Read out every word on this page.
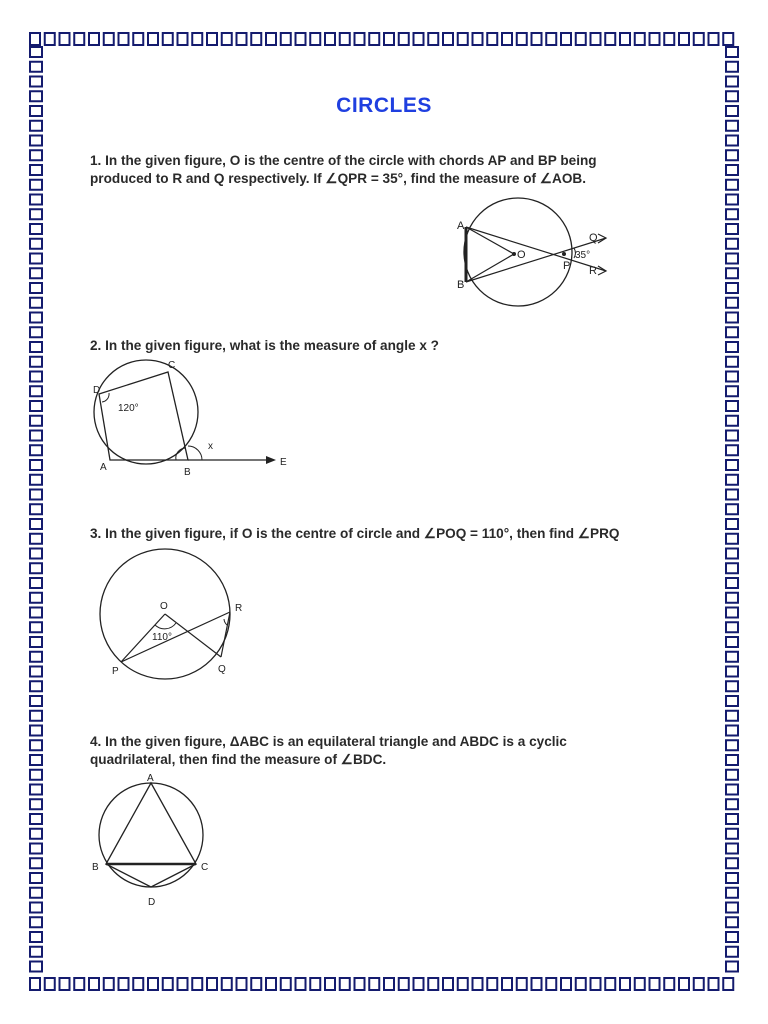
CIRCLES
1. In the given figure, O is the centre of the circle with chords AP and BP being
produced to R and Q respectively. If ∠QPR = 35°, find the measure of ∠AOB.
A
B
O
P
Q
R
35°
2. In the given figure, what is the measure of angle x ?
D
C
A	B
E
x
120°
3. In the given figure, if O is the centre of circle and ∠POQ = 110°, then find ∠PRQ
O	R
P	Q
110°
4. In the given figure, ΔABC is an equilateral triangle and ABDC is a cyclic
quadrilateral, then find the measure of ∠BDC.
A
B	C
D
